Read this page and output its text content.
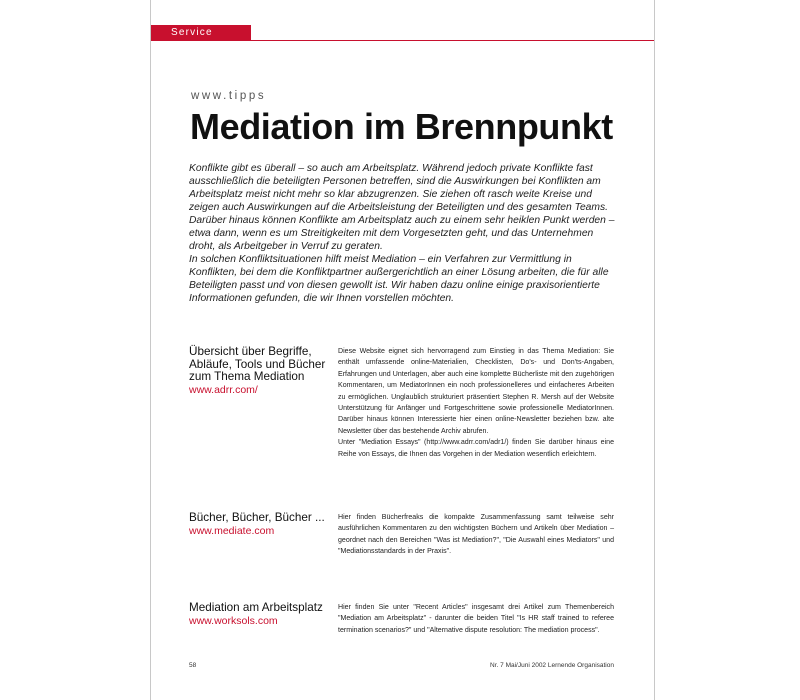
Service
www.tipps
Mediation im Brennpunkt

Konflikte gibt es überall – so auch am Arbeitsplatz. Während jedoch private Konflikte fast ausschließlich die beteiligten Personen betreffen, sind die Auswirkungen bei Konflikten am Arbeitsplatz meist nicht mehr so klar abzugrenzen. Sie ziehen oft rasch weite Kreise und zeigen auch Auswirkungen auf die Arbeitsleistung der Beteiligten und des gesamten Teams. Darüber hinaus können Konflikte am Arbeitsplatz auch zu einem sehr heiklen Punkt werden – etwa dann, wenn es um Streitigkeiten mit dem Vorgesetzten geht, und das Unternehmen droht, als Arbeitgeber in Verruf zu geraten.

In solchen Konfliktsituationen hilft meist Mediation – ein Verfahren zur Vermittlung in Konflikten, bei dem die Konfliktpartner außergerichtlich an einer Lösung arbeiten, die für alle Beteiligten passt und von diesen gewollt ist. Wir haben dazu online einige praxisorientierte Informationen gefunden, die wir Ihnen vorstellen möchten.

Übersicht über Begriffe, Abläufe, Tools und Bücher zum Thema Mediation
www.adrr.com/

Diese Website eignet sich hervorragend zum Einstieg in das Thema Mediation: Sie enthält umfassende online-Materialien, Checklisten, Do's- und Don'ts-Angaben, Erfahrungen und Unterlagen, aber auch eine komplette Bücherliste mit den zugehörigen Kommentaren, um MediatorInnen ein noch professionelleres und einfacheres Arbeiten zu ermöglichen. Unglaublich strukturiert präsentiert Stephen R. Mersh auf der Website Unterstützung für Anfänger und Fortgeschrittene sowie professionelle MediatorInnen. Darüber hinaus können Interessierte hier einen online-Newsletter beziehen bzw. alte Newsletter über das bestehende Archiv abrufen.

Unter "Mediation Essays" (http://www.adrr.com/adr1/) finden Sie darüber hinaus eine Reihe von Essays, die Ihnen das Vorgehen in der Mediation wesentlich erleichtern.

Bücher, Bücher, Bücher ...
www.mediate.com

Hier finden Bücherfreaks die kompakte Zusammenfassung samt teilweise sehr ausführlichen Kommentaren zu den wichtigsten Büchern und Artikeln über Mediation – geordnet nach den Bereichen "Was ist Mediation?", "Die Auswahl eines Mediators" und "Mediationsstandards in der Praxis".

Mediation am Arbeitsplatz
www.worksols.com

Hier finden Sie unter "Recent Articles" insgesamt drei Artikel zum Themenbereich "Mediation am Arbeitsplatz" - darunter die beiden Titel "Is HR staff trained to referee termination scenarios?" und "Alternative dispute resolution: The mediation process".

58	Nr. 7 Mai/Juni 2002 Lernende Organisation
